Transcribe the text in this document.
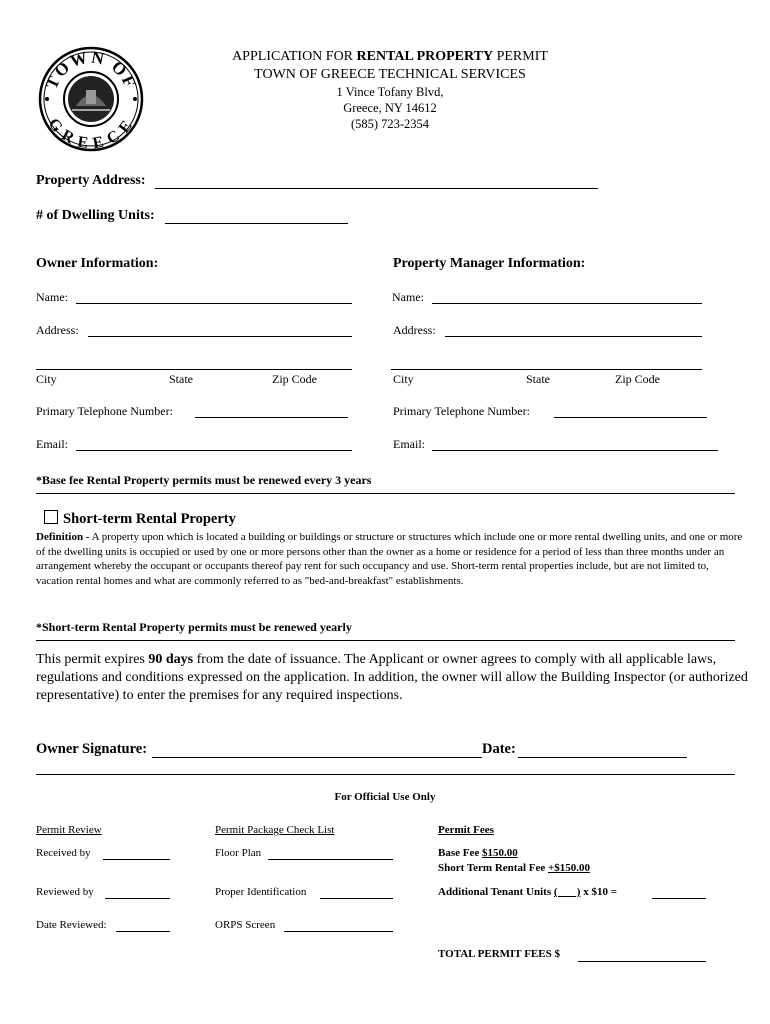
TOWN OF
GREECE
APPLICATION FOR RENTAL PROPERTY PERMIT
TOWN OF GREECE TECHNICAL SERVICES
1 Vince Tofany Blvd,
Greece, NY 14612
(585) 723-2354
Property Address:
# of Dwelling Units:
Owner Information:
Name:
Address:
City	State	Zip Code
Primary Telephone Number:
Email:
Property Manager Information:
Name:
Address:
City	State	Zip Code
Primary Telephone Number:
Email:
*Base fee Rental Property permits must be renewed every 3 years
Short-term Rental Property
Definition - A property upon which is located a building or buildings or structure or structures which include one or more rental dwelling units, and one or more of the dwelling units is occupied or used by one or more persons other than the owner as a home or residence for a period of less than three months under an arrangement whereby the occupant or occupants thereof pay rent for such occupancy and use. Short-term rental properties include, but are not limited to, vacation rental homes and what are commonly referred to as "bed-and-breakfast" establishments.
*Short-term Rental Property permits must be renewed yearly
This permit expires 90 days from the date of issuance. The Applicant or owner agrees to comply with all applicable laws, regulations and conditions expressed on the application. In addition, the owner will allow the Building Inspector (or authorized representative) to enter the premises for any required inspections.
Owner Signature:	Date:
For Official Use Only
Permit Review
Received by
Reviewed by
Date Reviewed:
Permit Package Check List
Floor Plan
Proper Identification
ORPS Screen
Permit Fees
Base Fee $150.00
Short Term Rental Fee +$150.00
Additional Tenant Units (       ) x $10 =
TOTAL PERMIT FEES $
